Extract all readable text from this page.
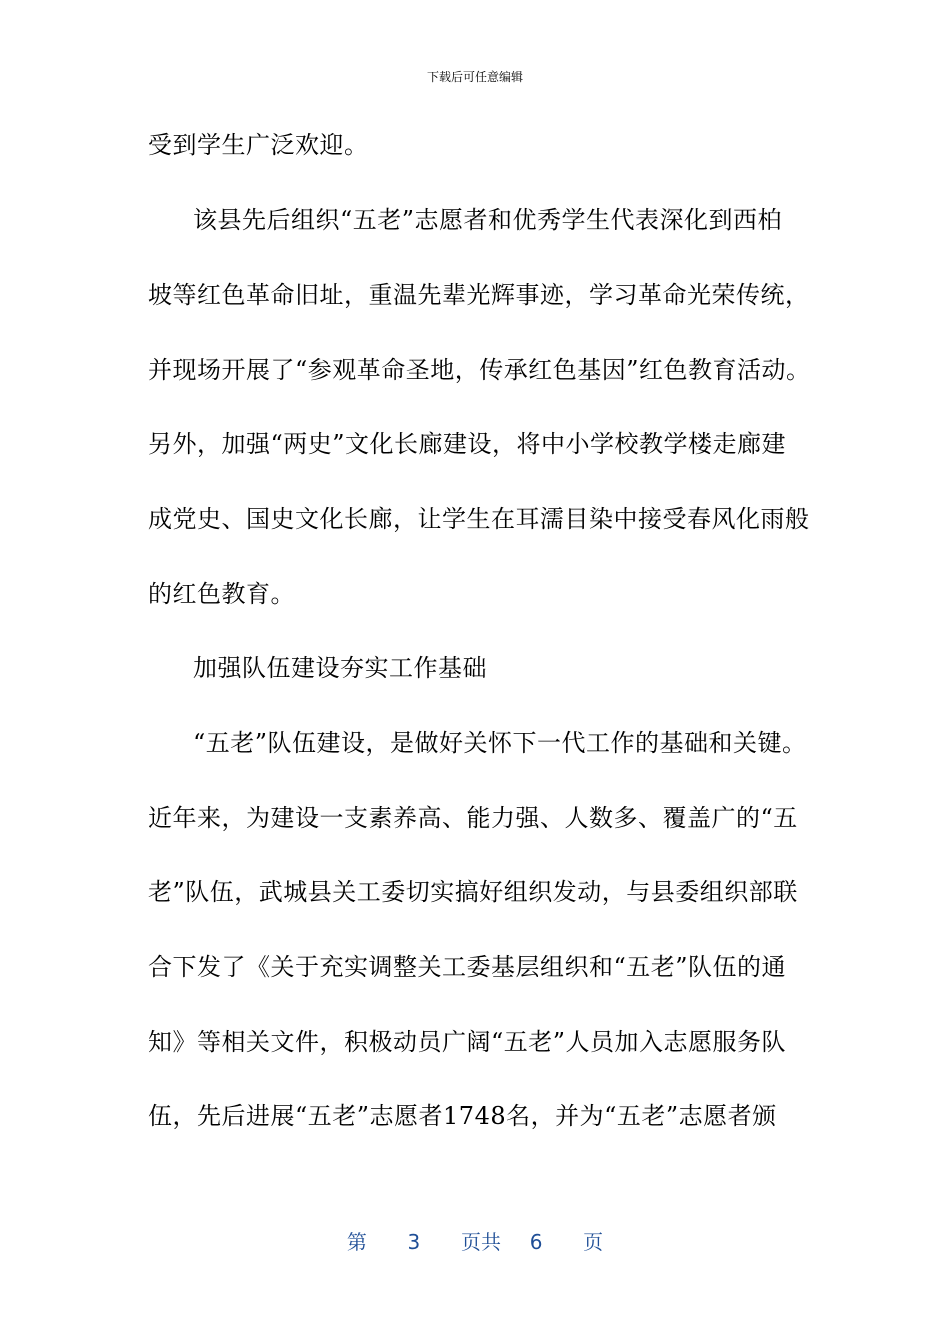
下载后可任意编辑
受到学生广泛欢迎。
该县先后组织“五老”志愿者和优秀学生代表深化到西柏
坡等红色革命旧址，重温先辈光辉事迹，学习革命光荣传统，
并现场开展了“参观革命圣地，传承红色基因”红色教育活动。
另外，加强“两史”文化长廊建设，将中小学校教学楼走廊建
成党史、国史文化长廊，让学生在耳濡目染中接受春风化雨般
的红色教育。
加强队伍建设夯实工作基础
“五老”队伍建设，是做好关怀下一代工作的基础和关键。
近年来，为建设一支素养高、能力强、人数多、覆盖广的“五
老”队伍，武城县关工委切实搞好组织发动，与县委组织部联
合下发了《关于充实调整关工委基层组织和“五老”队伍的通
知》等相关文件，积极动员广阔“五老”人员加入志愿服务队
伍，先后进展“五老”志愿者1748名，并为“五老”志愿者颁
第 3 页共 6 页
